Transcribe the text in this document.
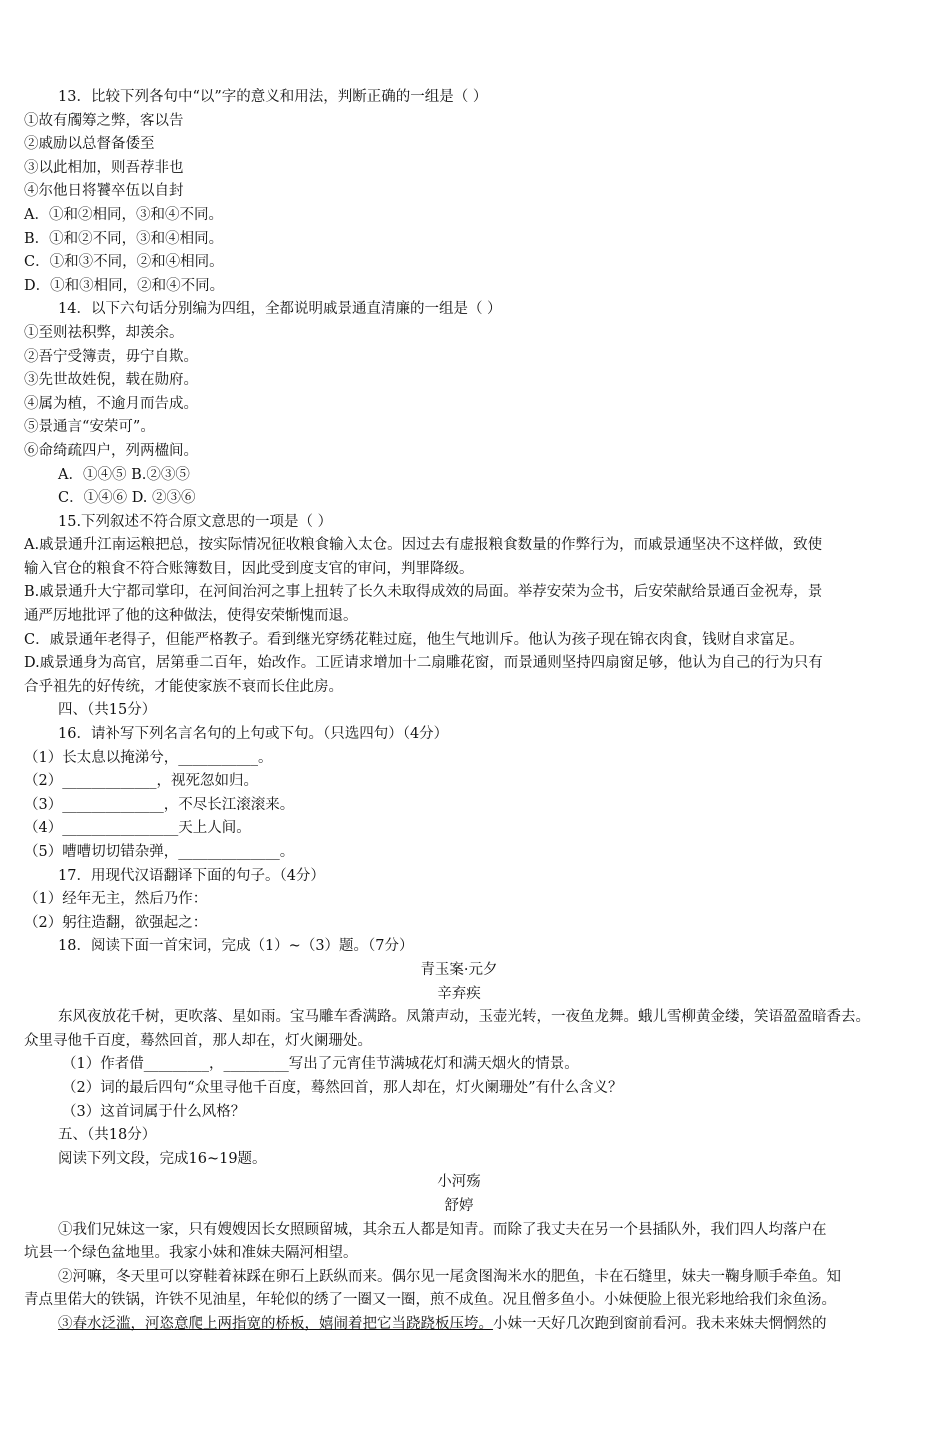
13．比较下列各句中“以”字的意义和用法，判断正确的一组是（ ）
①故有斶筹之弊，客以告
②戚励以总督备倭至
③以此相加，则吾荐非也
④尔他日将饕卒伍以自封
A．①和②相同，③和④不同。
B．①和②不同，③和④相同。
C．①和③不同，②和④相同。
D．①和③相同，②和④不同。
14．以下六句话分别编为四组，全都说明戚景通直清廉的一组是（ ）
①至则祛积弊，却羡余。
②吾宁受簿责，毋宁自欺。
③先世故姓倪，载在勋府。
④属为植，不逾月而告成。
⑤景通言“安荣可”。
⑥命绮疏四户，列两楹间。
A．①④⑤ B.②③⑤
C．①④⑥ D. ②③⑥
15.下列叙述不符合原文意思的一项是（ ）
A.戚景通升江南运粮把总，按实际情况征收粮食输入太仓。因过去有虚报粮食数量的作弊行为，而戚景通坚决不这样做，致使
输入官仓的粮食不符合账簿数目，因此受到度支官的审问，判罪降级。
B.戚景通升大宁都司掌印，在河间治河之事上扭转了长久未取得成效的局面。举荐安荣为佥书，后安荣献给景通百金祝寿，景
通严厉地批评了他的这种做法，使得安荣惭愧而退。
C．戚景通年老得子，但能严格教子。看到继光穿绣花鞋过庭，他生气地训斥。他认为孩子现在锦衣肉食，钱财自求富足。
D.戚景通身为高官，居第垂二百年，始改作。工匠请求增加十二扇雕花窗，而景通则坚持四扇窗足够，他认为自己的行为只有
合乎祖先的好传统，才能使家族不衰而长住此房。
四、（共15分）
16．请补写下列名言名句的上句或下句。（只选四句）（4分）
（1）长太息以掩涕兮，___________。
（2）_____________，视死忽如归。
（3）______________，不尽长江滚滚来。
（4）________________天上人间。
（5）嘈嘈切切错杂弹，______________。
17．用现代汉语翻译下面的句子。（4分）
（1）经年无主，然后乃作：
（2）躬往造翻，欲强起之：
18．阅读下面一首宋词，完成（1）~（3）题。（7分）
青玉案·元夕
辛弃疾
东风夜放花千树，更吹落、星如雨。宝马雕车香满路。凤箫声动，玉壶光转，一夜鱼龙舞。蛾儿雪柳黄金缕，笑语盈盈暗香去。
众里寻他千百度，蓦然回首，那人却在，灯火阑珊处。
（1）作者借_________，_________写出了元宵佳节满城花灯和满天烟火的情景。
（2）词的最后四句“众里寻他千百度，蓦然回首，那人却在，灯火阑珊处”有什么含义？
（3）这首词属于什么风格？
五、（共18分）
阅读下列文段，完成16~19题。
小河殇
舒婷
①我们兄妹这一家，只有嫂嫂因长女照顾留城，其余五人都是知青。而除了我丈夫在另一个县插队外，我们四人均落户在
坑县一个绿色盆地里。我家小妹和准妹夫隔河相望。
②河嘛，冬天里可以穿鞋着袜踩在卵石上跃纵而来。偶尔见一尾贪图淘米水的肥鱼，卡在石缝里，妹夫一鞠身顺手牵鱼。知
青点里偌大的铁锅，许铁不见油星，年轮似的绣了一圈又一圈，煎不成鱼。况且僧多鱼小。小妹便脸上很光彩地给我们汆鱼汤。
③春水泛滥，河恣意爬上两指宽的桥板，嬉闹着把它当跷跷板压垮。小妹一天好几次跑到窗前看河。我未来妹夫惘惘然的
